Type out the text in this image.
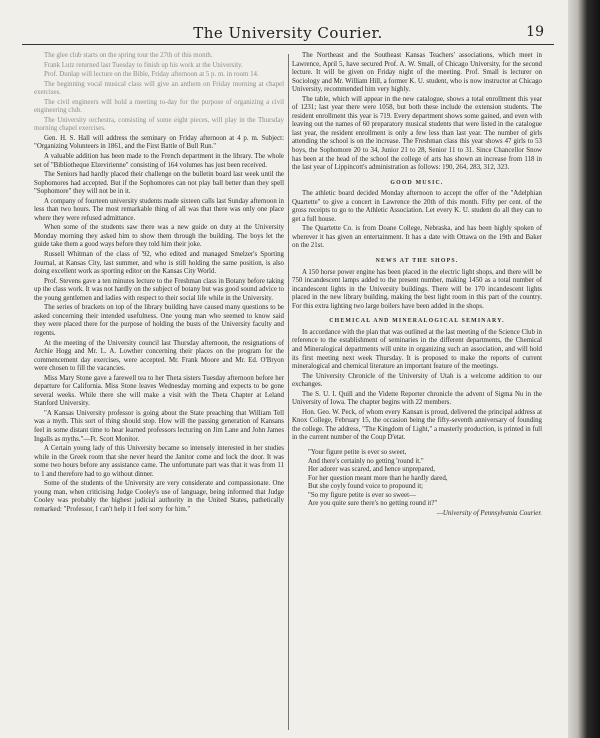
The University Courier.	19

The glee club starts on the spring tour the 27th of this month.

Frank Lutz returned last Tuesday to finish up his work at the University.

Prof. Dunlap will lecture on the Bible, Friday afternoon at 5 p. m. in room 14.

The beginning vocal musical class will give an anthem on Friday morning at chapel exercises.

The civil engineers will hold a meeting to-day for the purpose of organizing a civil engineering club.

The University orchestra, consisting of some eight pieces, will play in the Thursday morning chapel exercises.

Gen. H. S. Hall will address the seminary on Friday afternoon at 4 p. m. Subject: "Organizing Volunteers in 1861, and the First Battle of Bull Run."

A valuable addition has been made to the French department in the library. The whole set of "Bibliotheque Elzevirienne" consisting of 164 volumes has just been received.

The Seniors had hardly placed their challenge on the bulletin board last week until the Sophomores had accepted. But if the Sophomores can not play ball better than they spell "Sophomore" they will not be in it.

A company of fourteen university students made sixteen calls last Sunday afternoon in less than two hours. The most remarkable thing of all was that there was only one place where they were refused admittance.

When some of the students saw there was a new guide on duty at the University Monday morning they asked him to show them through the building. The boys let the guide take them a good ways before they told him their joke.

Russell Whitman of the class of '92, who edited and managed Smelzer's Sporting Journal, at Kansas City, last summer, and who is still holding the same position, is also doing excellent work as sporting editor on the Kansas City World.

Prof. Stevens gave a ten minutes lecture to the Freshman class in Botany before taking up the class work. It was not hardly on the subject of botany but was good sound advice to the young gentlemen and ladies with respect to their social life while in the University.

The series of brackets on top of the library building have caused many questions to be asked concerning their intended usefulness. One young man who seemed to know said they were placed there for the purpose of holding the busts of the University faculty and regents.

At the meeting of the University council last Thursday afternoon, the resignations of Archie Hogg and Mr. L. A. Lowther concerning their places on the program for the commencement day exercises, were accepted. Mr. Frank Moore and Mr. Ed. O'Bryon were chosen to fill the vacancies.

Miss Mary Stone gave a farewell tea to her Theta sisters Tuesday afternoon before her departure for California. Miss Stone leaves Wednesday morning and expects to be gone several weeks. While there she will make a visit with the Theta Chapter at Leland Stanford University.

"A Kansas University professor is going about the State preaching that William Tell was a myth. This sort of thing should stop. How will the passing generation of Kansans feel in some distant time to hear learned professors lecturing on Jim Lane and John James Ingalls as myths."—Ft. Scott Monitor.

A Certain young lady of this University became so intensely interested in her studies while in the Greek room that she never heard the Janitor come and lock the door. It was some two hours before any assistance came. The unfortunate part was that it was from 11 to 1 and therefore had to go without dinner.

Some of the students of the University are very considerate and compassionate. One young man, when criticising Judge Cooley's use of language, being informed that Judge Cooley was probably the highest judicial authority in the United States, pathetically remarked: "Professor, I can't help it I feel sorry for him."

The Northeast and the Southeast Kansas Teachers' associations, which meet in Lawrence, April 5, have secured Prof. A. W. Small, of Chicago University, for the second lecture. It will be given on Friday night of the meeting. Prof. Small is lecturer on Sociology and Mr. William Hill, a former K. U. student, who is now instructor at Chicago University, recommended him very highly.

The table, which will appear in the new catalogue, shows a total enrollment this year of 1231; last year there were 1058, but both these include the extension students. The resident enrollment this year is 719. Every department shows some gained, and even with leaving out the names of 60 preparatory musical students that were listed in the catalogue last year, the resident enrollment is only a few less than last year. The number of girls attending the school is on the increase. The Freshman class this year shows 47 girls to 53 boys, the Sophomore 20 to 34, Junior 21 to 28, Senior 11 to 31. Since Chancellor Snow has been at the head of the school the college of arts has shown an increase from 118 in the last year of Lippincott's administration as follows: 190, 264, 283, 312, 323.

GOOD MUSIC.

The athletic board decided Monday afternoon to accept the offer of the "Adelphian Quartette" to give a concert in Lawrence the 20th of this month. Fifty per cent. of the gross receipts to go to the Athletic Association. Let every K. U. student do all they can to get a full house.

The Quartette Co. is from Doane College, Nebraska, and has been highly spoken of wherever it has given an entertainment. It has a date with Ottawa on the 19th and Baker on the 21st.

NEWS AT THE SHOPS.

A 150 horse power engine has been placed in the electric light shops, and there will be 750 incandescent lamps added to the present number, making 1450 as a total number of incandescent lights in the University buildings. There will be 170 incandescent lights placed in the new library building, making the best light room in this part of the country. For this extra lighting two large boilers have been added in the shops.

CHEMICAL AND MINERALOGICAL SEMINARY.

In accordance with the plan that was outlined at the last meeting of the Science Club in reference to the establishment of seminaries in the different departments, the Chemical and Mineralogical departments will unite in organizing such an association, and will hold its first meeting next week Thursday. It is proposed to make the reports of current mineralogical and chemical literature an important feature of the meetings.

The University Chronicle of the University of Utah is a welcome addition to our exchanges.

The S. U. I. Quill and the Vidette Reporter chronicle the advent of Sigma Nu in the University of Iowa. The chapter begins with 22 members.

Hon. Geo. W. Peck, of whom every Kansan is proud, delivered the principal address at Knox College, February 15, the occasion being the fifty-seventh anniversary of founding the college. The address, "The Kingdom of Light," a masterly production, is printed in full in the current number of the Coup D'etat.

"Your figure petite is ever so sweet,
And there's certainly no getting 'round it."
Her adorer was scared, and hence unprepared,
For her question meant more than he hardly dared,
But she coyly found voice to propound it;
"So my figure petite is ever so sweet—
Are you quite sure there's no getting round it?"
—University of Pennsylvania Courier.
